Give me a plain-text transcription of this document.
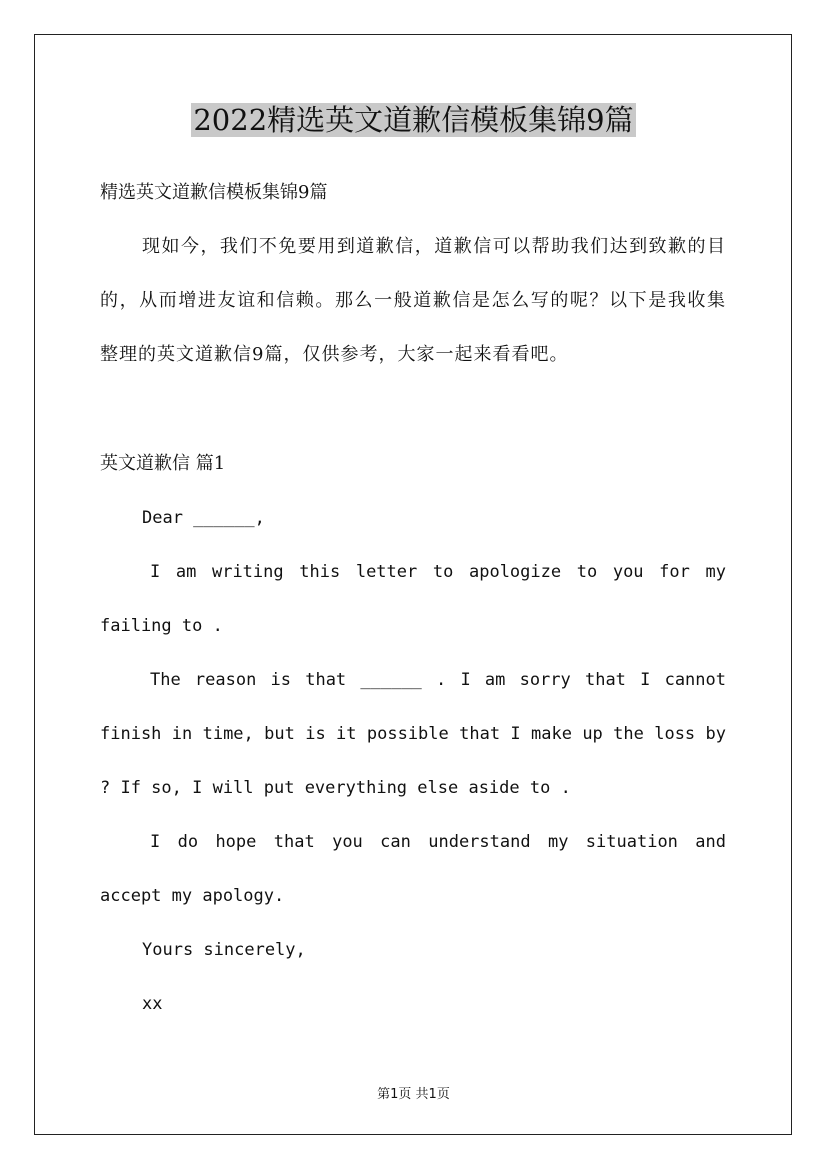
2022精选英文道歉信模板集锦9篇

精选英文道歉信模板集锦9篇

现如今，我们不免要用到道歉信，道歉信可以帮助我们达到致歉的目的，从而增进友谊和信赖。那么一般道歉信是怎么写的呢？以下是我收集整理的英文道歉信9篇，仅供参考，大家一起来看看吧。

英文道歉信 篇1

Dear ______,

I am writing this letter to apologize to you for my failing to .

The reason is that ______ . I am sorry that I cannot finish in time, but is it possible that I make up the loss by ? If so, I will put everything else aside to .

I do hope that you can understand my situation and accept my apology.

Yours sincerely,

xx

第1页 共1页
